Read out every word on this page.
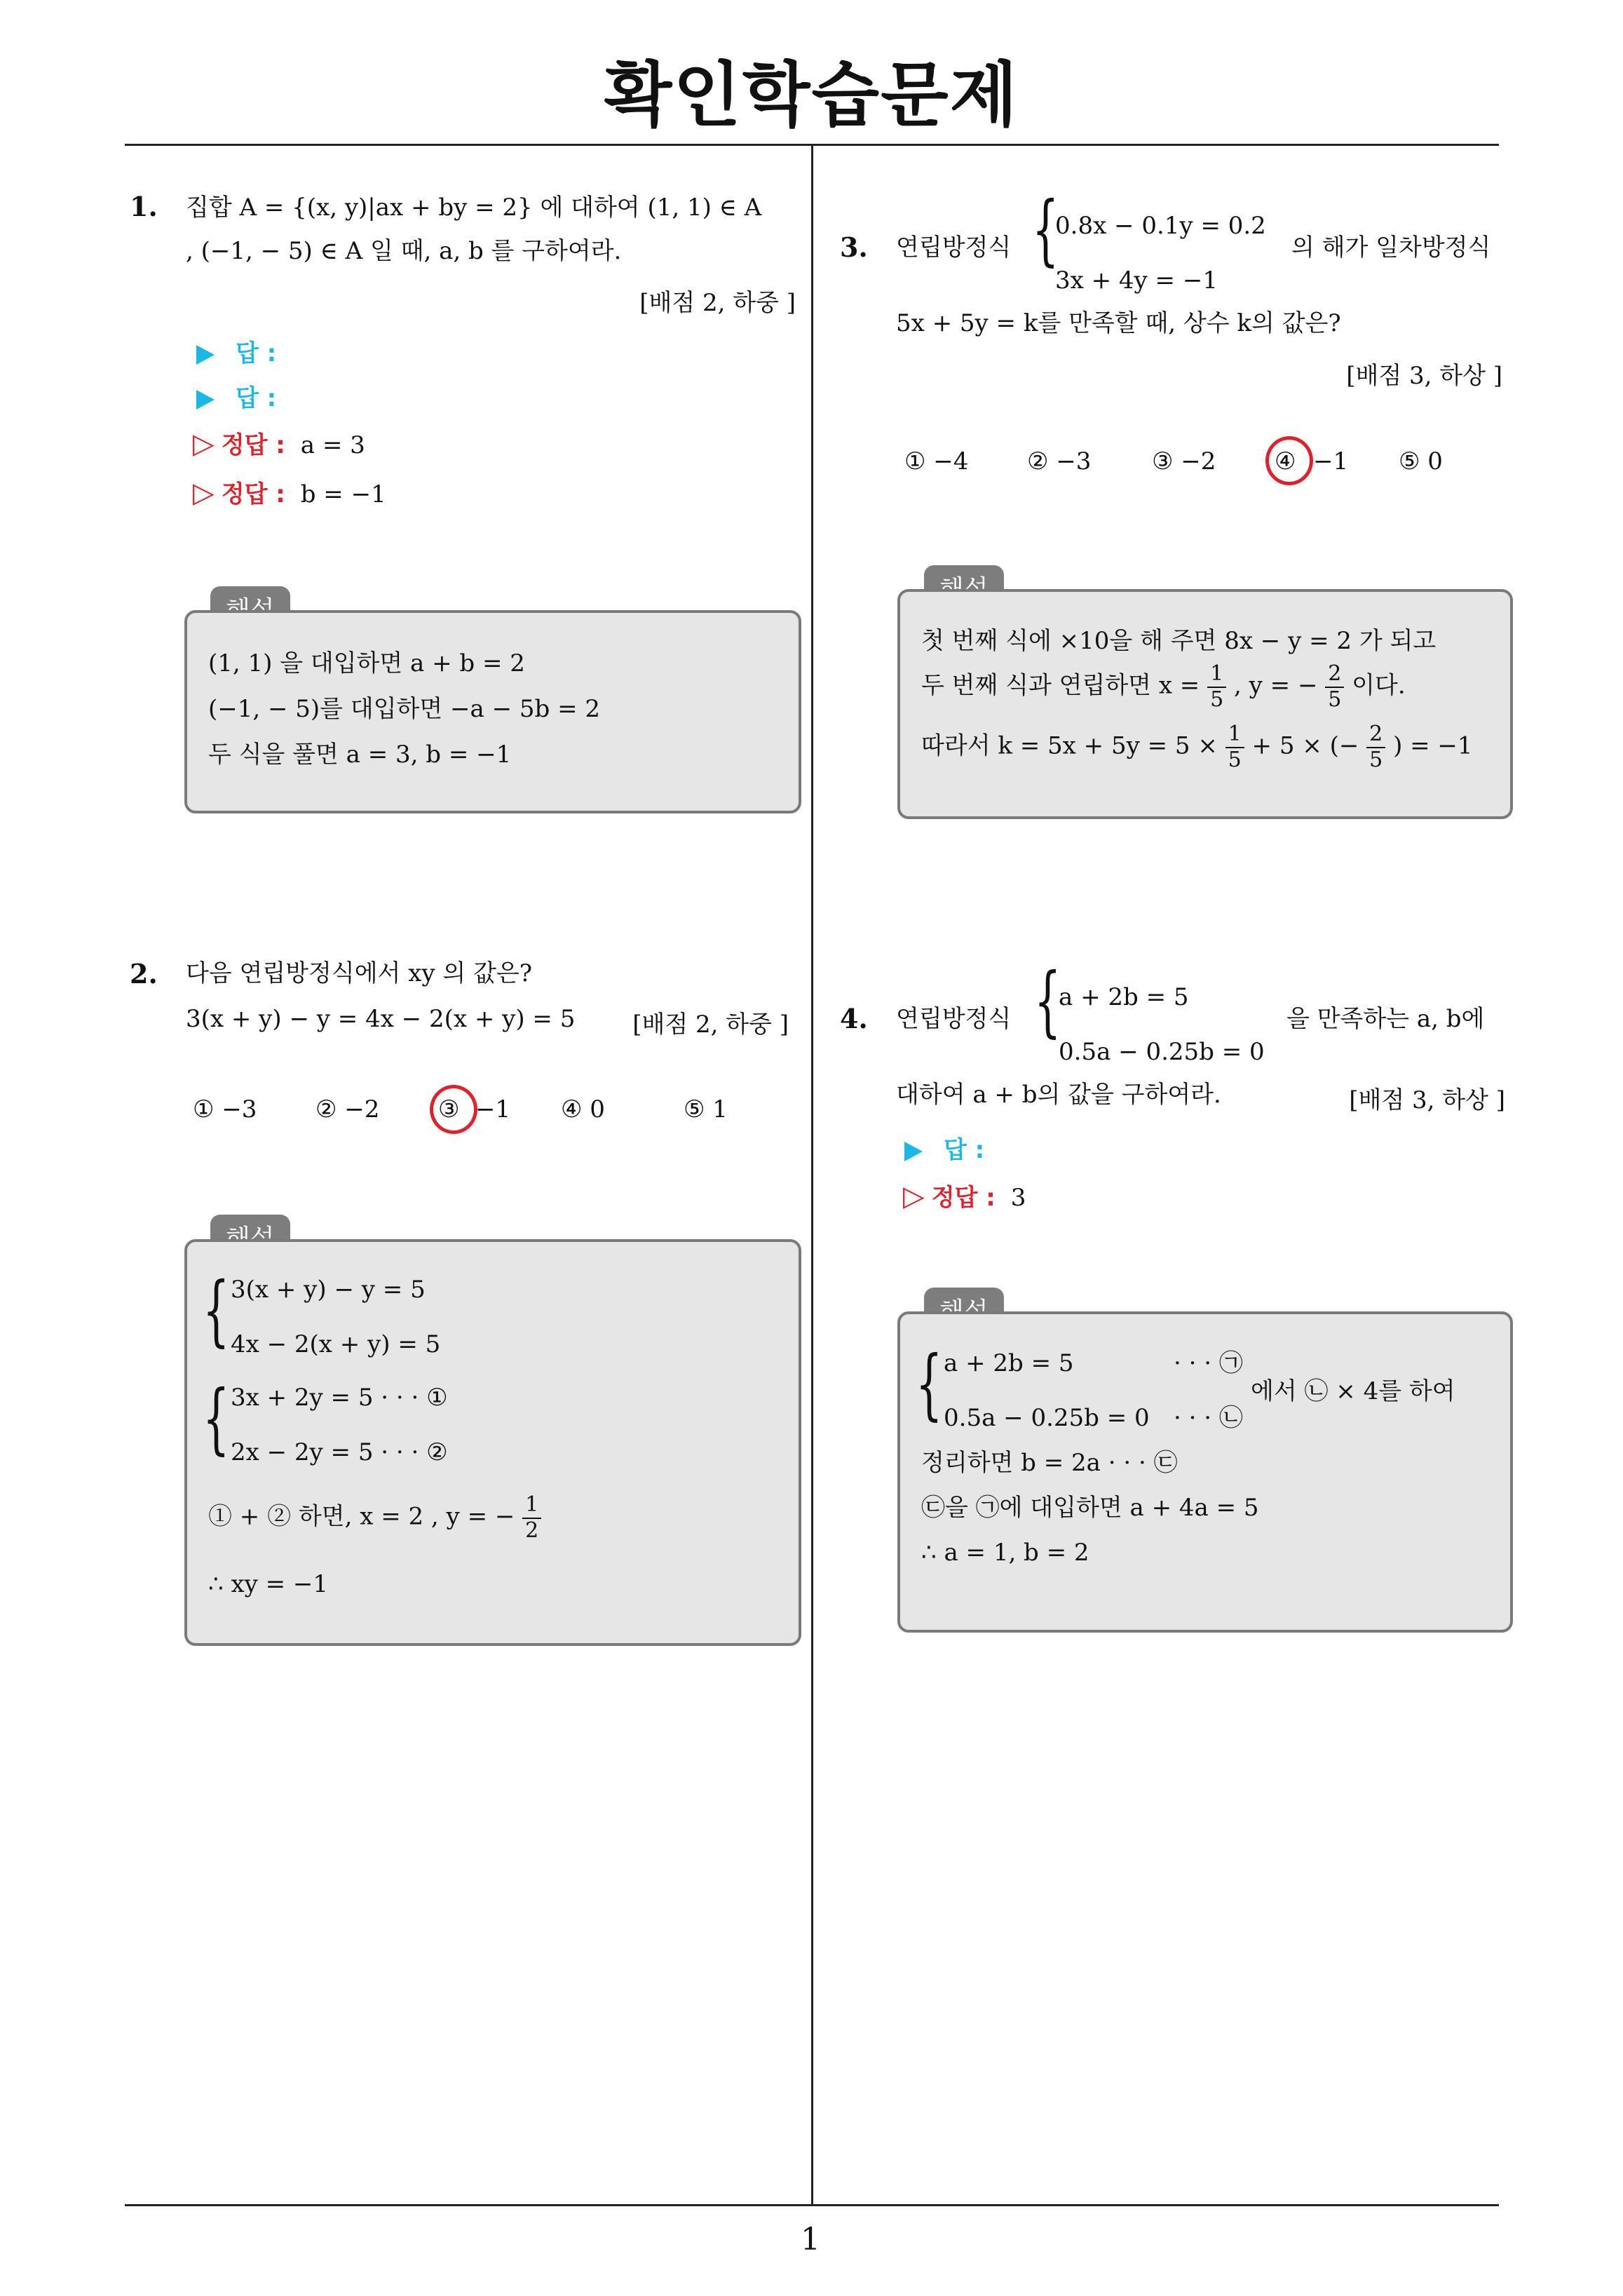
확인학습문제
1
1. 집합 A = {(x, y)|ax + by = 2} 에 대하여 (1, 1) ∈ A
, (−1, − 5) ∈ A 일 때, a, b 를 구하여라.
[배점 2, 하중 ]
답 :
답 :
▷ 정답 : a = 3
▷ 정답 : b = −1
(1, 1) 을 대입하면 a + b = 2
(−1, − 5)를 대입하면 −a − 5b = 2
두 식을 풀면 a = 3, b = −1
2. 다음 연립방정식에서 xy 의 값은?
3(x + y) − y = 4x − 2(x + y) = 5 [배점 2, 하중 ]
① −3 ② −2 ③ −1 ④ 0	⑤ 1
{ 3(x + y) − y = 5
4x − 2(x + y) = 5
{ 3x + 2y = 5 · · · ①
2x − 2y = 5 · · · ②
① + ② 하면, x = 2 , y = − $\frac{1}{2}$
∴ xy = −1
3. 연립방정식 {
0.8x − 0.1y = 0.2
3x + 4y = −1
의 해가 일차방정식
5x + 5y = k를 만족할 때, 상수 k의 값은?
[배점 3, 하상 ]
① −4 ② −3	③ −2 ④ −1 ⑤ 0
첫 번째 식에 ×10을 해 주면 8x − y = 2 가 되고
두 번째 식과 연립하면 $x = \frac{1}{5}$ , y = − $\frac{2}{5}$ 이다.
따라서 $k = 5x + 5y = 5 \times \frac{1}{5} + 5$ × (− $\frac{2}{5}$ ) = −1
4. 연립방정식 {
a + 2b = 5
0.5a − 0.25b = 0
을 만족하는 a, b에
대하여 a + b의 값을 구하여라.	[배점 3, 하상 ]
답 :
▷ 정답 : 3
{ a + 2b = 5	· · · ㉠
0.5a − 0.25b = 0 · · · ㉡
에서 ㉡ × 4를 하여
정리하면 b = 2a · · · ㉢
㉢을 ㉠에 대입하면 a + 4a = 5
∴ a = 1, b = 2
